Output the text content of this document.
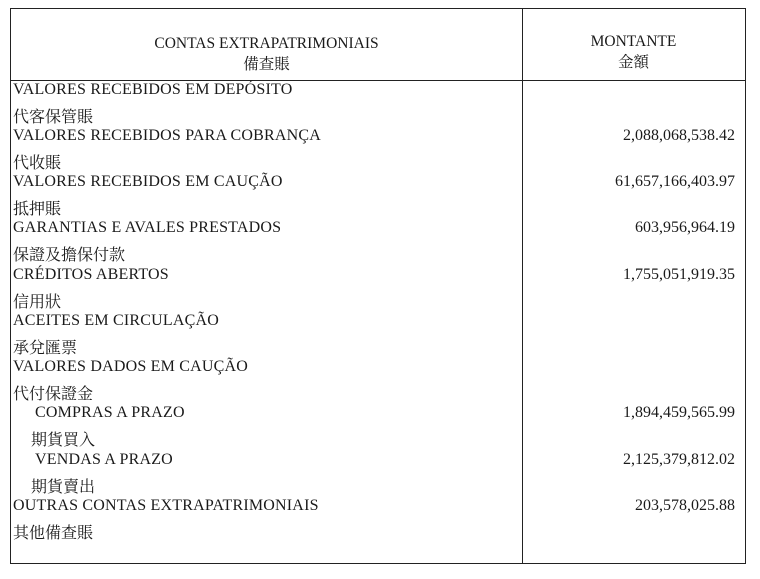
CONTAS EXTRAPATRIMONIAIS
備查賬
MONTANTE
金額
VALORES RECEBIDOS EM DEPÓSITO
代客保管賬
VALORES RECEBIDOS PARA COBRANÇA
代收賬
2,088,068,538.42
VALORES RECEBIDOS EM CAUÇÃO
抵押賬
61,657,166,403.97
GARANTIAS E AVALES PRESTADOS
保證及擔保付款
603,956,964.19
CRÉDITOS ABERTOS
信用狀
1,755,051,919.35
ACEITES EM CIRCULAÇÃO
承兌匯票
VALORES DADOS EM CAUÇÃO
代付保證金
COMPRAS A PRAZO
期貨買入
1,894,459,565.99
VENDAS A PRAZO
期貨賣出
2,125,379,812.02
OUTRAS CONTAS EXTRAPATRIMONIAIS
其他備查賬
203,578,025.88
